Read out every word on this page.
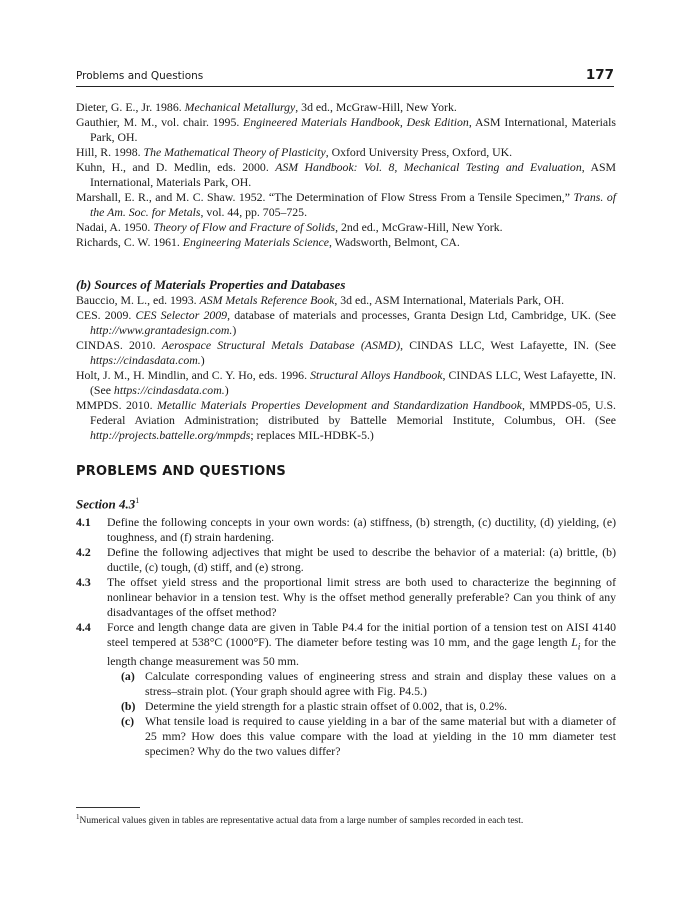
Problems and Questions	177

Dieter, G. E., Jr. 1986. Mechanical Metallurgy, 3d ed., McGraw-Hill, New York.

Gauthier, M. M., vol. chair. 1995. Engineered Materials Handbook, Desk Edition, ASM International, Materials Park, OH.

Hill, R. 1998. The Mathematical Theory of Plasticity, Oxford University Press, Oxford, UK.

Kuhn, H., and D. Medlin, eds. 2000. ASM Handbook: Vol. 8, Mechanical Testing and Evaluation, ASM International, Materials Park, OH.

Marshall, E. R., and M. C. Shaw. 1952. “The Determination of Flow Stress From a Tensile Specimen,” Trans. of the Am. Soc. for Metals, vol. 44, pp. 705–725.

Nadai, A. 1950. Theory of Flow and Fracture of Solids, 2nd ed., McGraw-Hill, New York.

Richards, C. W. 1961. Engineering Materials Science, Wadsworth, Belmont, CA.

(b) Sources of Materials Properties and Databases

Bauccio, M. L., ed. 1993. ASM Metals Reference Book, 3d ed., ASM International, Materials Park, OH.

CES. 2009. CES Selector 2009, database of materials and processes, Granta Design Ltd, Cambridge, UK. (See http://www.grantadesign.com.)

CINDAS. 2010. Aerospace Structural Metals Database (ASMD), CINDAS LLC, West Lafayette, IN. (See https://cindasdata.com.)

Holt, J. M., H. Mindlin, and C. Y. Ho, eds. 1996. Structural Alloys Handbook, CINDAS LLC, West Lafayette, IN. (See https://cindasdata.com.)

MMPDS. 2010. Metallic Materials Properties Development and Standardization Handbook, MMPDS-05, U.S. Federal Aviation Administration; distributed by Battelle Memorial Institute, Columbus, OH. (See http://projects.battelle.org/mmpds; replaces MIL-HDBK-5.)

PROBLEMS AND QUESTIONS
Section $4.3^1$
4.1 Define the following concepts in your own words: (a) stiffness, (b) strength, (c) ductility, (d) yielding, (e) toughness, and (f) strain hardening.
4.2 Define the following adjectives that might be used to describe the behavior of a material: (a) brittle, (b) ductile, (c) tough, (d) stiff, and (e) strong.
4.3 The offset yield stress and the proportional limit stress are both used to characterize the beginning of nonlinear behavior in a tension test. Why is the offset method generally preferable? Can you think of any disadvantages of the offset method?
4.4 Force and length change data are given in Table P4.4 for the initial portion of a tension test on AISI 4140 steel tempered at 538°C (1000°F). The diameter before testing was 10 mm, and the gage length $L_i$ for the length change measurement was 50 mm.
(a) Calculate corresponding values of engineering stress and strain and display these values on a stress–strain plot. (Your graph should agree with Fig. P4.5.)
(b) Determine the yield strength for a plastic strain offset of 0.002, that is, 0.2%.
(c) What tensile load is required to cause yielding in a bar of the same material but with a diameter of 25 mm? How does this value compare with the load at yielding in the 10 mm diameter test specimen? Why do the two values differ?
$^1$Numerical values given in tables are representative actual data from a large number of samples recorded in each test.
